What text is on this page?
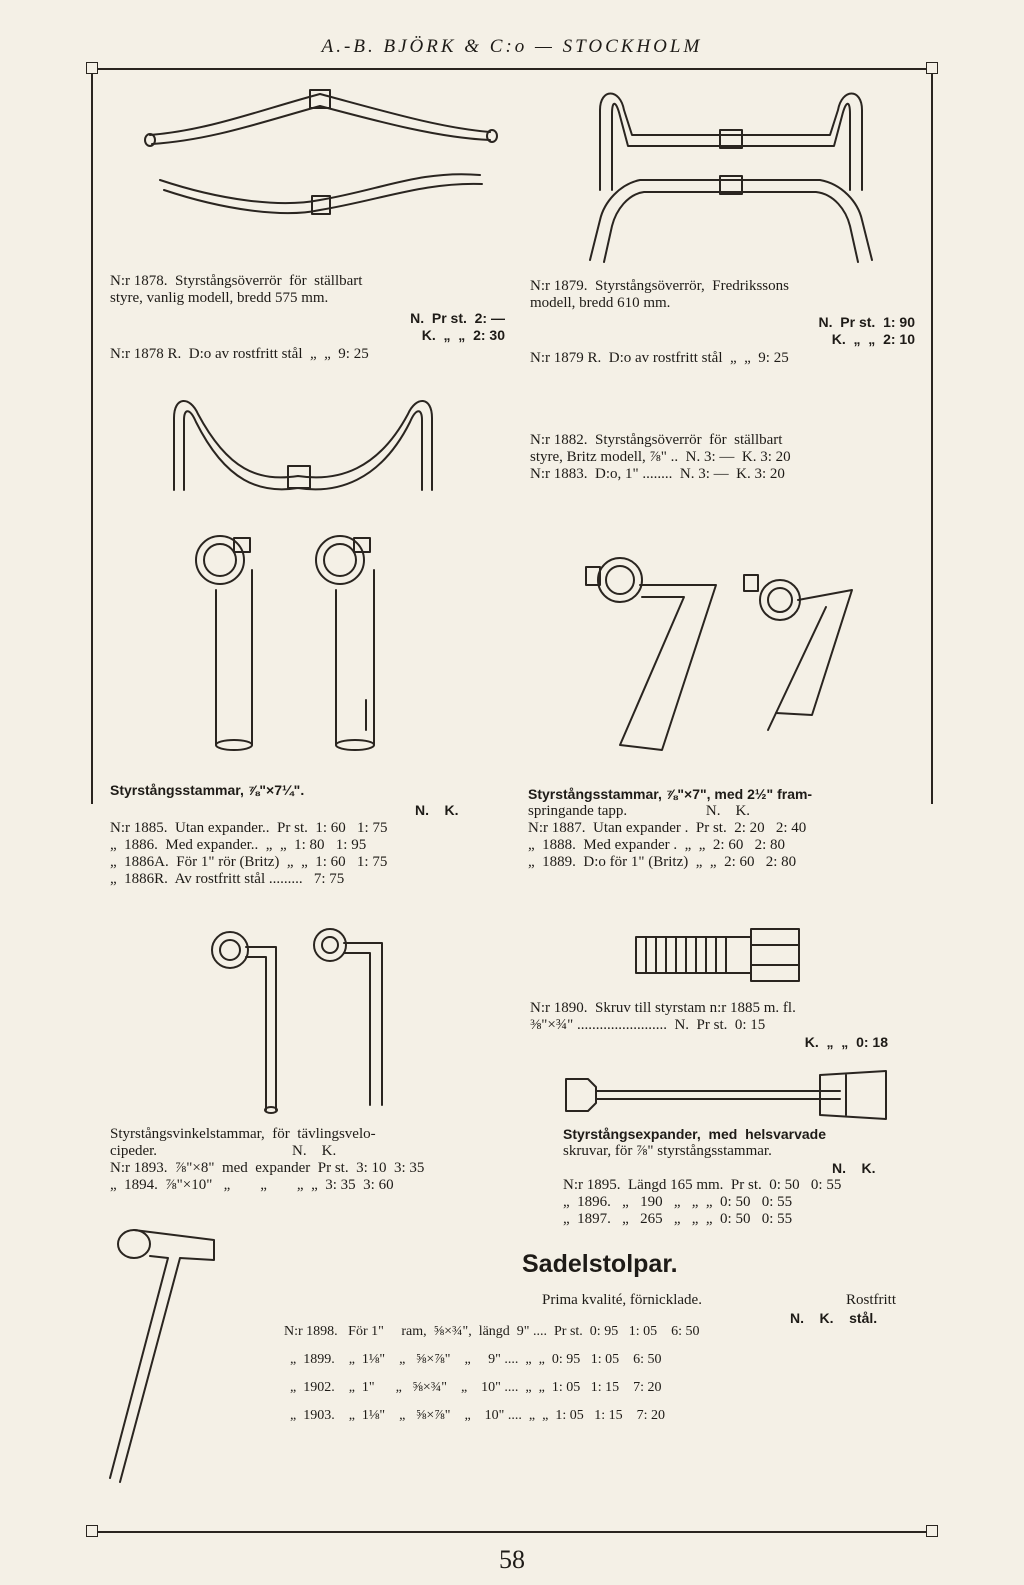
A.-B. BJÖRK & C:o — STOCKHOLM
N:r 1878.  Styrstångsöverrör  för  ställbart
styre, vanlig modell, bredd 575 mm.
N.  Pr st.  2: —
K.  „  „  2: 30
N:r 1878 R.  D:o av rostfritt stål  „  „  9: 25
N:r 1879.  Styrstångsöverrör,  Fredrikssons
modell, bredd 610 mm.
N.  Pr st.  1: 90
K.  „  „  2: 10
N:r 1879 R.  D:o av rostfritt stål  „  „  9: 25
N:r 1882.  Styrstångsöverrör  för  ställbart
styre, Britz modell, ⅞" ..  N. 3: —  K. 3: 20
N:r 1883.  D:o, 1" ........  N. 3: —  K. 3: 20
Styrstångsstammar, ⅞"×7¼".
N.    K.
N:r 1885.  Utan expander..  Pr st.  1: 60   1: 75
„  1886.  Med expander..  „  „  1: 80   1: 95
„  1886A.  För 1" rör (Britz)  „  „  1: 60   1: 75
„  1886R.  Av rostfritt stål .........   7: 75
Styrstångsstammar, ⅞"×7", med 2½" fram-
springande tapp.                     N.    K.
N:r 1887.  Utan expander .  Pr st.  2: 20   2: 40
„  1888.  Med expander .  „  „  2: 60   2: 80
„  1889.  D:o för 1" (Britz)  „  „  2: 60   2: 80
N:r 1890.  Skruv till styrstam n:r 1885 m. fl.
⅜"×¾" ........................  N.  Pr st.  0: 15
K.  „  „  0: 18
Styrstångsvinkelstammar,  för  tävlingsvelo-
cipeder.                                    N.    K.
N:r 1893.  ⅞"×8"  med  expander  Pr st.  3: 10  3: 35
„  1894.  ⅞"×10"   „        „        „  „  3: 35  3: 60
Styrstångsexpander,  med  helsvarvade
skruvar, för ⅞" styrstångsstammar.
N.    K.
N:r 1895.  Längd 165 mm.  Pr st.  0: 50   0: 55
„  1896.   „   190   „   „  „  0: 50   0: 55
„  1897.   „   265   „   „  „  0: 50   0: 55
Sadelstolpar.
Prima kvalité, förnicklade.	Rostfritt
N.    K.    stål.
N:r 1898.   För 1"     ram,  ⅝×¾",  längd  9" ....  Pr st.  0: 95   1: 05    6: 50
„  1899.    „  1⅛"    „   ⅝×⅞"    „     9" ....  „  „  0: 95   1: 05    6: 50
„  1902.    „  1"      „   ⅝×¾"    „    10" ....  „  „  1: 05   1: 15    7: 20
„  1903.    „  1⅛"    „   ⅝×⅞"    „    10" ....  „  „  1: 05   1: 15    7: 20
58
